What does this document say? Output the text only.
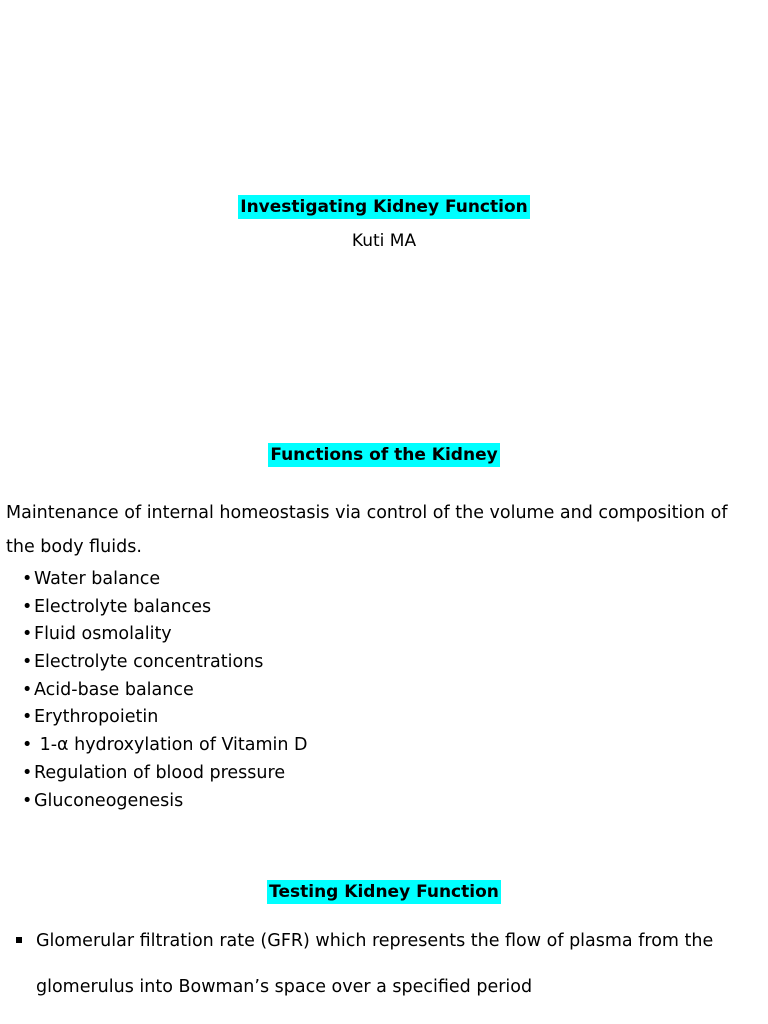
Investigating Kidney Function
Kuti MA
Functions of the Kidney

Maintenance of internal homeostasis via control of the volume and composition of the body fluids.

•Water balance
•Electrolyte balances
•Fluid osmolality
•Electrolyte concentrations
•Acid-base balance
•Erythropoietin
• 1-α hydroxylation of Vitamin D
•Regulation of blood pressure
•Gluconeogenesis
Testing Kidney Function
Glomerular filtration rate (GFR) which represents the flow of plasma from the glomerulus into Bowman’s space over a specified period
